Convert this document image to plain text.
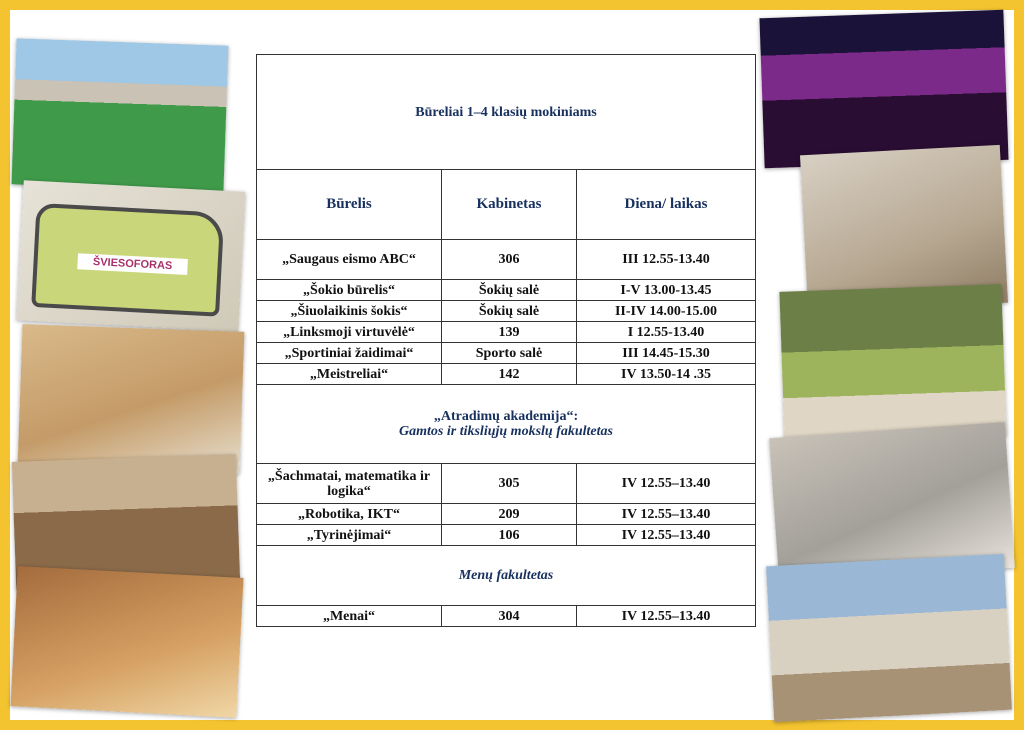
ŠVIESOFORAS
Būreliai 1–4 klasių mokiniams		
Būrelis	Kabinetas	Diena/ laikas
„Saugaus eismo ABC“	306	III 12.55-13.40
„Šokio būrelis“	Šokių salė	I-V 13.00-13.45
„Šiuolaikinis šokis“	Šokių salė	II-IV 14.00-15.00
„Linksmoji virtuvėlė“	139	I 12.55-13.40
„Sportiniai žaidimai“	Sporto salė	III 14.45-15.30
„Meistreliai“	142	IV 13.50-14 .35

„Atradimų akademija“:
Gamtos ir tiksliųjų mokslų fakultetas		

„Šachmatai, matematika ir logika“	305	IV 12.55–13.40
„Robotika, IKT“	209	IV 12.55–13.40
„Tyrinėjimai“	106	IV 12.55–13.40
Menų fakultetas		
„Menai“	304	IV 12.55–13.40
